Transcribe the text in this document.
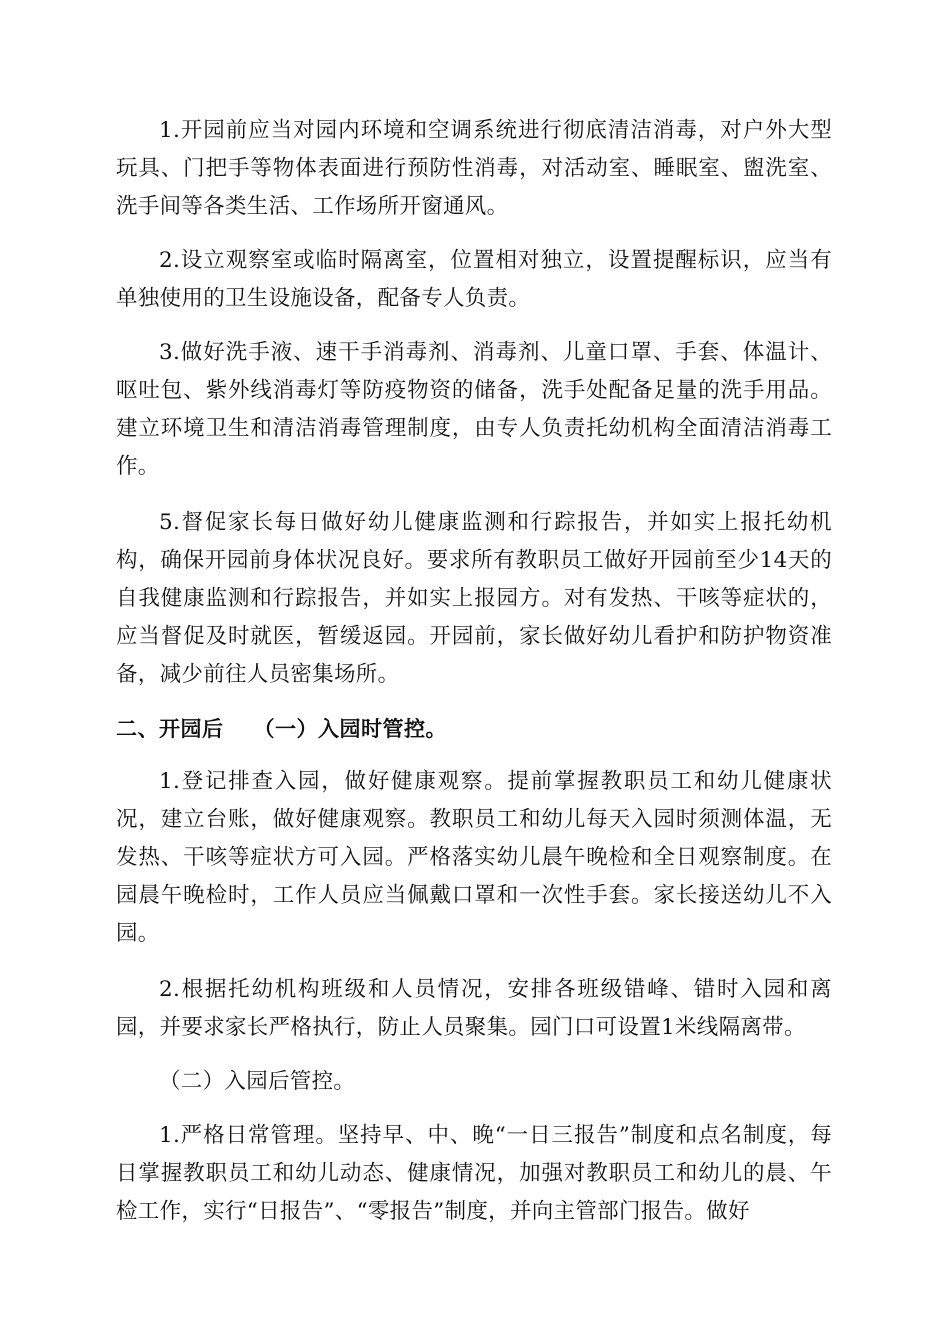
1.开园前应当对园内环境和空调系统进行彻底清洁消毒，对户外大型玩具、门把手等物体表面进行预防性消毒，对活动室、睡眠室、盥洗室、洗手间等各类生活、工作场所开窗通风。

2.设立观察室或临时隔离室，位置相对独立，设置提醒标识，应当有单独使用的卫生设施设备，配备专人负责。

3.做好洗手液、速干手消毒剂、消毒剂、儿童口罩、手套、体温计、呕吐包、紫外线消毒灯等防疫物资的储备，洗手处配备足量的洗手用品。建立环境卫生和清洁消毒管理制度，由专人负责托幼机构全面清洁消毒工作。

5.督促家长每日做好幼儿健康监测和行踪报告，并如实上报托幼机构，确保开园前身体状况良好。要求所有教职员工做好开园前至少14天的自我健康监测和行踪报告，并如实上报园方。对有发热、干咳等症状的，应当督促及时就医，暂缓返园。开园前，家长做好幼儿看护和防护物资准备，减少前往人员密集场所。

二、开园后 （一）入园时管控。

1.登记排查入园，做好健康观察。提前掌握教职员工和幼儿健康状况，建立台账，做好健康观察。教职员工和幼儿每天入园时须测体温，无发热、干咳等症状方可入园。严格落实幼儿晨午晚检和全日观察制度。在园晨午晚检时，工作人员应当佩戴口罩和一次性手套。家长接送幼儿不入园。

2.根据托幼机构班级和人员情况，安排各班级错峰、错时入园和离园，并要求家长严格执行，防止人员聚集。园门口可设置1米线隔离带。

（二）入园后管控。

1.严格日常管理。坚持早、中、晚“一日三报告”制度和点名制度，每日掌握教职员工和幼儿动态、健康情况，加强对教职员工和幼儿的晨、午检工作，实行“日报告”、“零报告”制度，并向主管部门报告。做好
